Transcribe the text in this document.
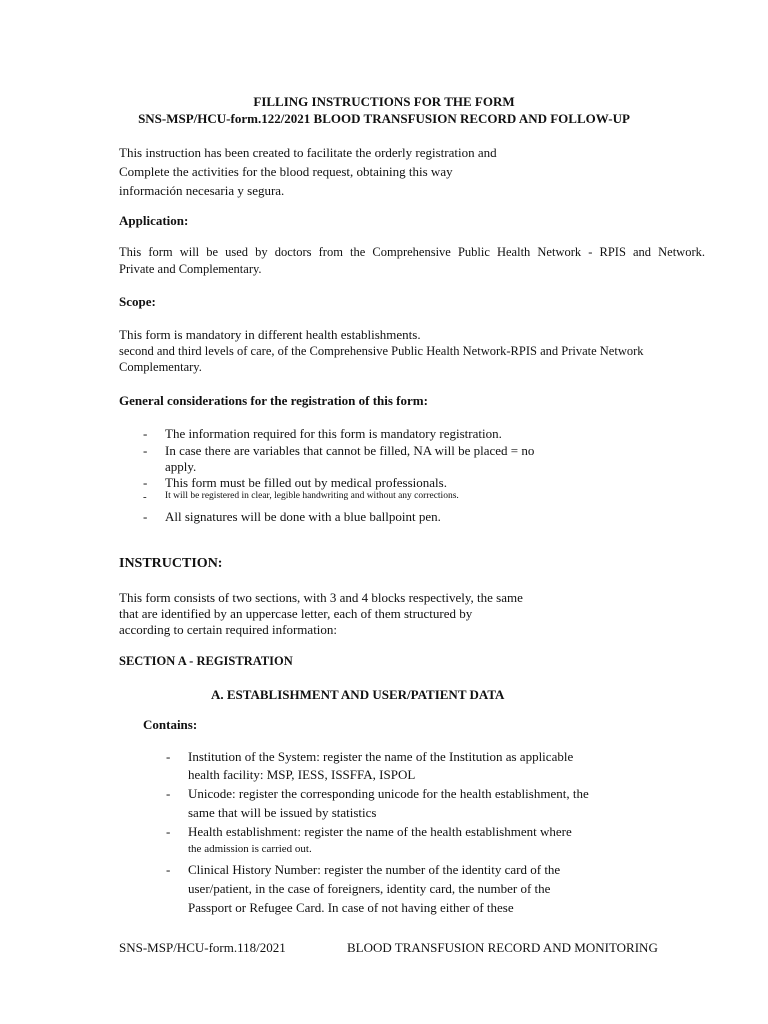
FILLING INSTRUCTIONS FOR THE FORM
SNS-MSP/HCU-form.122/2021 BLOOD TRANSFUSION RECORD AND FOLLOW-UP
This instruction has been created to facilitate the orderly registration and
Complete the activities for the blood request, obtaining this way
información necesaria y segura.
Application:
This form will be used by doctors from the Comprehensive Public Health Network - RPIS and Network.
Private and Complementary.
Scope:
This form is mandatory in different health establishments.
second and third levels of care, of the Comprehensive Public Health Network-RPIS and Private Network
Complementary.
General considerations for the registration of this form:
- The information required for this form is mandatory registration.
- In case there are variables that cannot be filled, NA will be placed = no
apply.
- This form must be filled out by medical professionals.
- It will be registered in clear, legible handwriting and without any corrections.
- All signatures will be done with a blue ballpoint pen.
INSTRUCTION:
This form consists of two sections, with 3 and 4 blocks respectively, the same
that are identified by an uppercase letter, each of them structured by
according to certain required information:
SECTION A - REGISTRATION
A. ESTABLISHMENT AND USER/PATIENT DATA
Contains:
- Institution of the System: register the name of the Institution as applicable
health facility: MSP, IESS, ISSFFA, ISPOL
- Unicode: register the corresponding unicode for the health establishment, the
same that will be issued by statistics
- Health establishment: register the name of the health establishment where
the admission is carried out.
- Clinical History Number: register the number of the identity card of the
user/patient, in the case of foreigners, identity card, the number of the
Passport or Refugee Card. In case of not having either of these
SNS-MSP/HCU-form.118/2021	BLOOD TRANSFUSION RECORD AND MONITORING
